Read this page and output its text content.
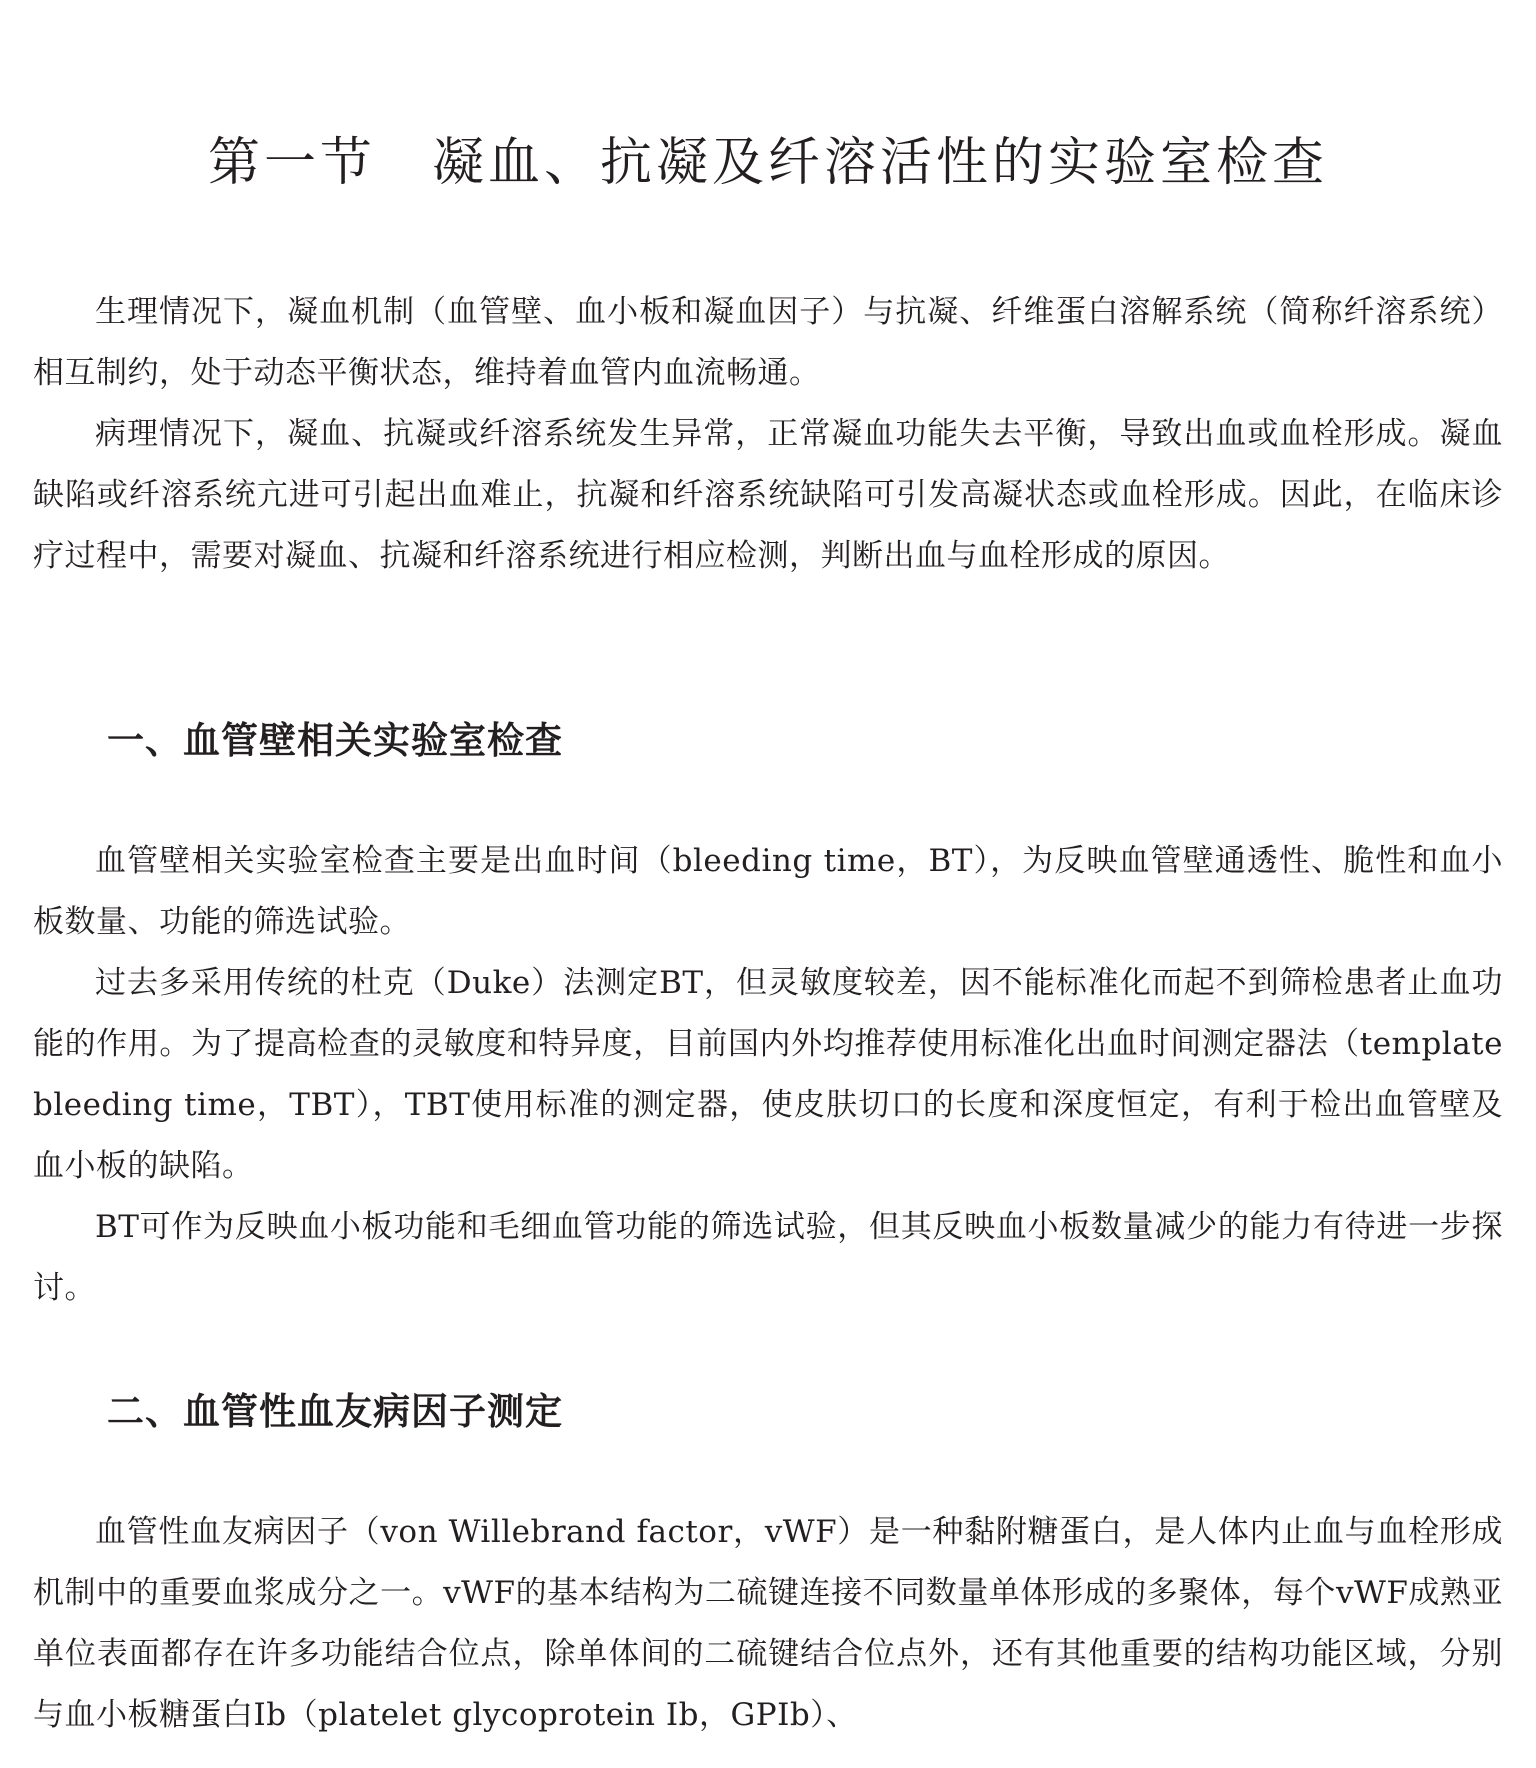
第一节　凝血、抗凝及纤溶活性的实验室检查

生理情况下，凝血机制（血管壁、血小板和凝血因子）与抗凝、纤维蛋白溶解系统（简称纤溶系统）相互制约，处于动态平衡状态，维持着血管内血流畅通。

病理情况下，凝血、抗凝或纤溶系统发生异常，正常凝血功能失去平衡，导致出血或血栓形成。凝血缺陷或纤溶系统亢进可引起出血难止，抗凝和纤溶系统缺陷可引发高凝状态或血栓形成。因此，在临床诊疗过程中，需要对凝血、抗凝和纤溶系统进行相应检测，判断出血与血栓形成的原因。

一、血管壁相关实验室检查

血管壁相关实验室检查主要是出血时间（bleeding time，BT），为反映血管壁通透性、脆性和血小板数量、功能的筛选试验。

过去多采用传统的杜克（Duke）法测定BT，但灵敏度较差，因不能标准化而起不到筛检患者止血功能的作用。为了提高检查的灵敏度和特异度，目前国内外均推荐使用标准化出血时间测定器法（template bleeding time，TBT），TBT使用标准的测定器，使皮肤切口的长度和深度恒定，有利于检出血管壁及血小板的缺陷。

BT可作为反映血小板功能和毛细血管功能的筛选试验，但其反映血小板数量减少的能力有待进一步探讨。

二、血管性血友病因子测定

血管性血友病因子（von Willebrand factor，vWF）是一种黏附糖蛋白，是人体内止血与血栓形成机制中的重要血浆成分之一。vWF的基本结构为二硫键连接不同数量单体形成的多聚体，每个vWF成熟亚单位表面都存在许多功能结合位点，除单体间的二硫键结合位点外，还有其他重要的结构功能区域，分别与血小板糖蛋白Ⅰb（platelet glycoprotein Ⅰb，GPⅠb）、
